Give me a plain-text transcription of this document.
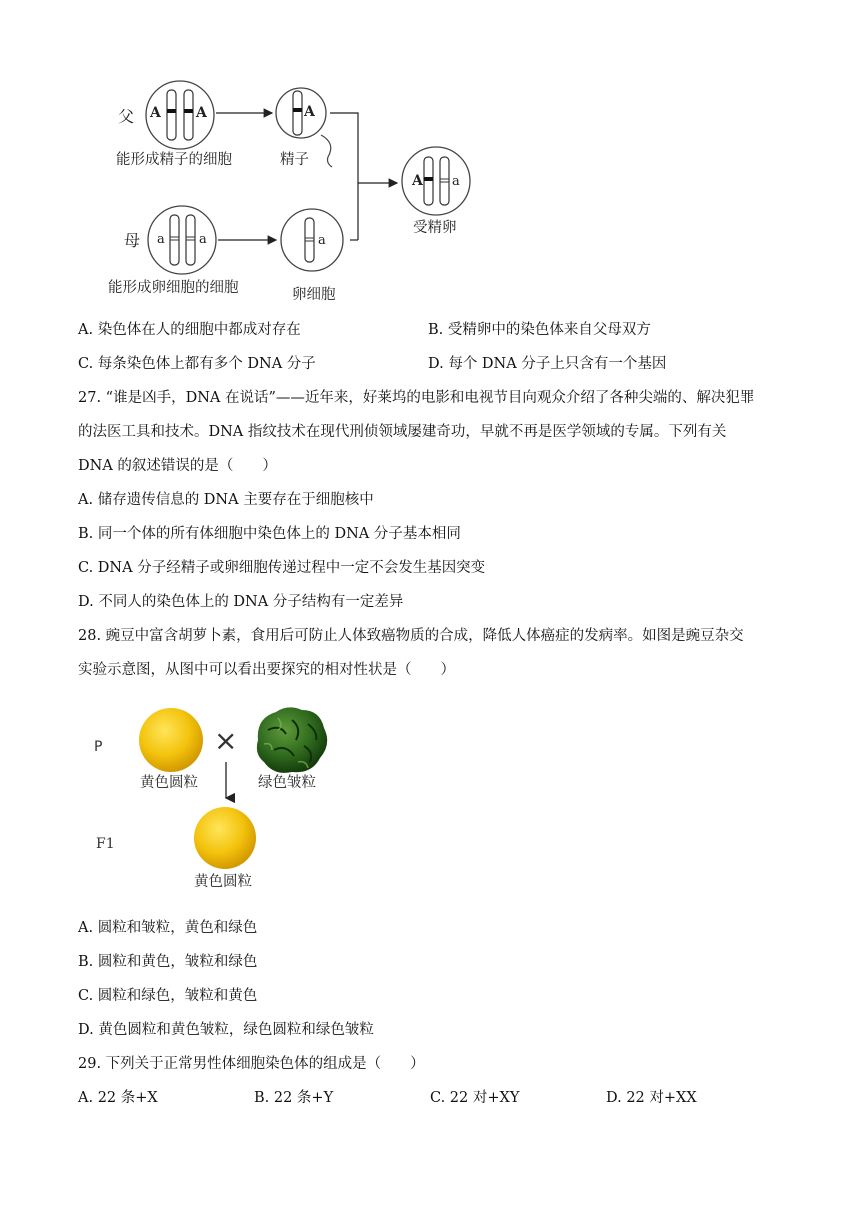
父 A	A
能形成精子的细胞
A
精子
A a
受精卵
母 a	a
能形成卵细胞的细胞
a
卵细胞
A. 染色体在人的细胞中都成对存在	B. 受精卵中的染色体来自父母双方
C. 每条染色体上都有多个 DNA 分子	D. 每个 DNA 分子上只含有一个基因
27. “谁是凶手，DNA 在说话”——近年来，好莱坞的电影和电视节目向观众介绍了各种尖端的、解决犯罪
的法医工具和技术。DNA 指纹技术在现代刑侦领域屡建奇功，早就不再是医学领域的专属。下列有关
DNA 的叙述错误的是（　　）
A. 储存遗传信息的 DNA 主要存在于细胞核中
B. 同一个体的所有体细胞中染色体上的 DNA 分子基本相同
C. DNA 分子经精子或卵细胞传递过程中一定不会发生基因突变
D. 不同人的染色体上的 DNA 分子结构有一定差异
28. 豌豆中富含胡萝卜素，食用后可防止人体致癌物质的合成，降低人体癌症的发病率。如图是豌豆杂交
实验示意图，从图中可以看出要探究的相对性状是（　　）
P	×
黄色圆粒	绿色皱粒
F1
黄色圆粒
A. 圆粒和皱粒，黄色和绿色
B. 圆粒和黄色，皱粒和绿色
C. 圆粒和绿色，皱粒和黄色
D. 黄色圆粒和黄色皱粒，绿色圆粒和绿色皱粒
29. 下列关于正常男性体细胞染色体的组成是（　　）
A. 22 条+X	B. 22 条+Y	C. 22 对+XY	D. 22 对+XX
